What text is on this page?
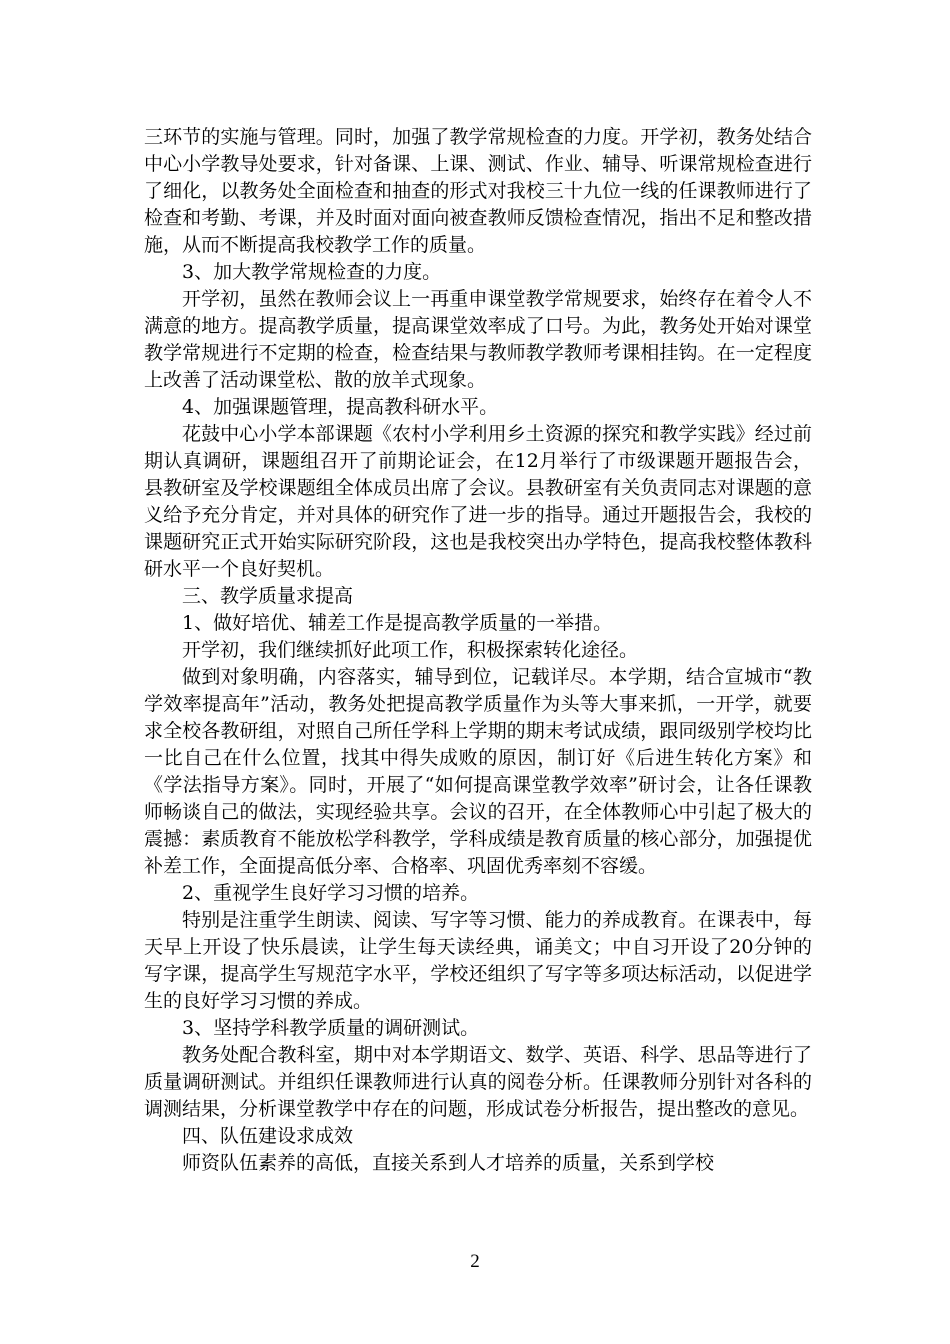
三环节的实施与管理。同时，加强了教学常规检查的力度。开学初，教务处结合中心小学教导处要求，针对备课、上课、测试、作业、辅导、听课常规检查进行了细化，以教务处全面检查和抽查的形式对我校三十九位一线的任课教师进行了检查和考勤、考课，并及时面对面向被查教师反馈检查情况，指出不足和整改措施，从而不断提高我校教学工作的质量。

3、加大教学常规检查的力度。

开学初，虽然在教师会议上一再重申课堂教学常规要求，始终存在着令人不满意的地方。提高教学质量，提高课堂效率成了口号。为此，教务处开始对课堂教学常规进行不定期的检查，检查结果与教师教学教师考课相挂钩。在一定程度上改善了活动课堂松、散的放羊式现象。

4、加强课题管理，提高教科研水平。

花鼓中心小学本部课题《农村小学利用乡土资源的探究和教学实践》经过前期认真调研，课题组召开了前期论证会，在12月举行了市级课题开题报告会，县教研室及学校课题组全体成员出席了会议。县教研室有关负责同志对课题的意义给予充分肯定，并对具体的研究作了进一步的指导。通过开题报告会，我校的课题研究正式开始实际研究阶段，这也是我校突出办学特色，提高我校整体教科研水平一个良好契机。

三、教学质量求提高

1、做好培优、辅差工作是提高教学质量的一举措。

开学初，我们继续抓好此项工作，积极探索转化途径。

做到对象明确，内容落实，辅导到位，记载详尽。本学期，结合宣城市“教学效率提高年”活动，教务处把提高教学质量作为头等大事来抓，一开学，就要求全校各教研组，对照自己所任学科上学期的期末考试成绩，跟同级别学校均比一比自己在什么位置，找其中得失成败的原因，制订好《后进生转化方案》和《学法指导方案》。同时，开展了“如何提高课堂教学效率”研讨会，让各任课教师畅谈自己的做法，实现经验共享。会议的召开，在全体教师心中引起了极大的震撼：素质教育不能放松学科教学，学科成绩是教育质量的核心部分，加强提优补差工作，全面提高低分率、合格率、巩固优秀率刻不容缓。

2、重视学生良好学习习惯的培养。

特别是注重学生朗读、阅读、写字等习惯、能力的养成教育。在课表中，每天早上开设了快乐晨读，让学生每天读经典，诵美文；中自习开设了20分钟的写字课，提高学生写规范字水平，学校还组织了写字等多项达标活动，以促进学生的良好学习习惯的养成。

3、坚持学科教学质量的调研测试。

教务处配合教科室，期中对本学期语文、数学、英语、科学、思品等进行了质量调研测试。并组织任课教师进行认真的阅卷分析。任课教师分别针对各科的调测结果，分析课堂教学中存在的问题，形成试卷分析报告，提出整改的意见。

四、队伍建设求成效

师资队伍素养的高低，直接关系到人才培养的质量，关系到学校

2
